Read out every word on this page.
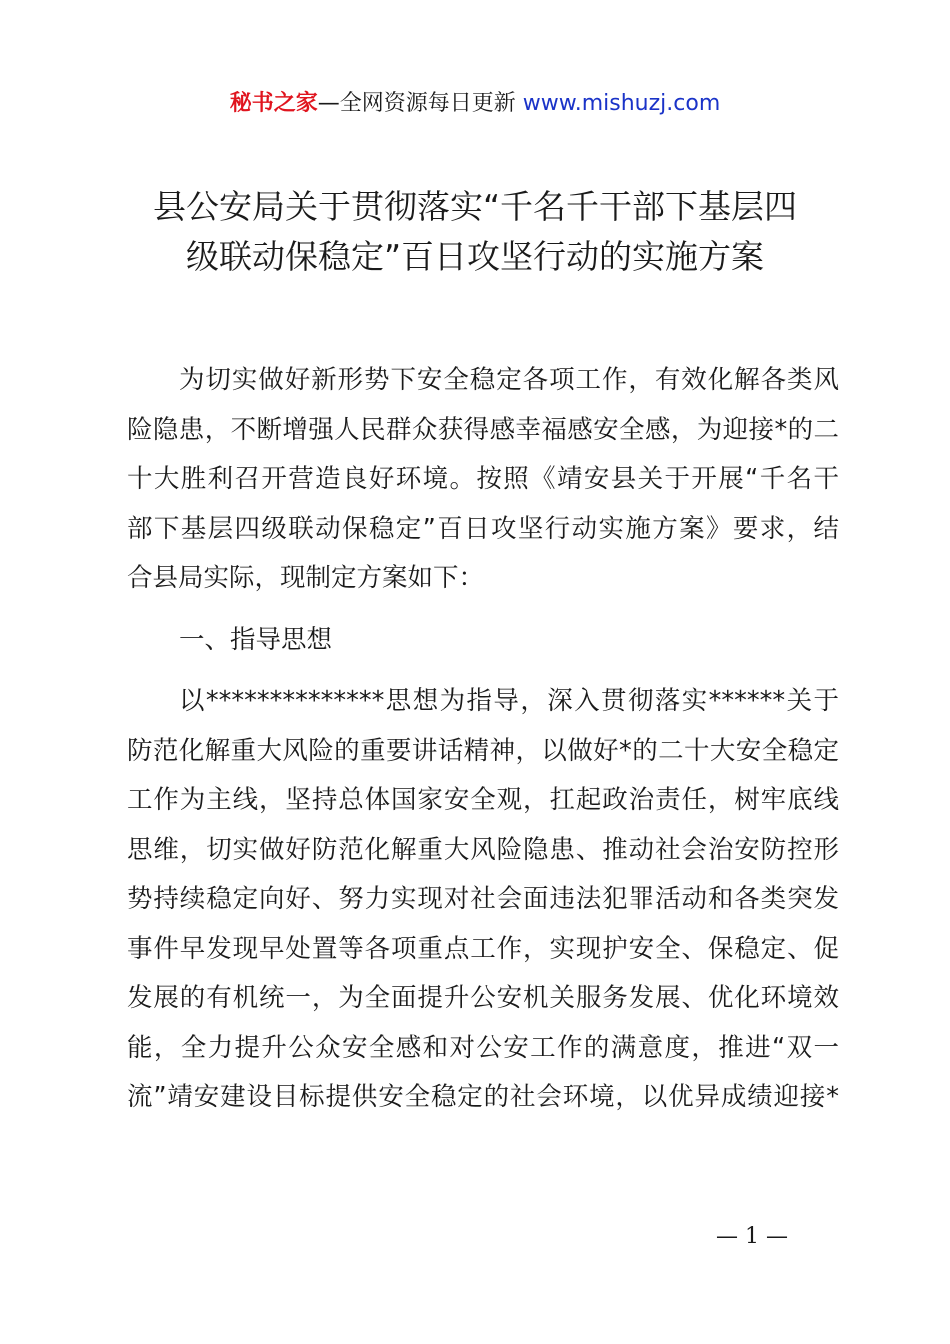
秘书之家—全网资源每日更新 www.mishuzj.com
县公安局关于贯彻落实“千名千干部下基层四
级联动保稳定”百日攻坚行动的实施方案
为切实做好新形势下安全稳定各项工作，有效化解各类风
险隐患，不断增强人民群众获得感幸福感安全感，为迎接*的二
十大胜利召开营造良好环境。按照《靖安县关于开展“千名干
部下基层四级联动保稳定”百日攻坚行动实施方案》要求，结
合县局实际，现制定方案如下：
一、指导思想
以**************思想为指导，深入贯彻落实******关于
防范化解重大风险的重要讲话精神，以做好*的二十大安全稳定
工作为主线，坚持总体国家安全观，扛起政治责任，树牢底线
思维，切实做好防范化解重大风险隐患、推动社会治安防控形
势持续稳定向好、努力实现对社会面违法犯罪活动和各类突发
事件早发现早处置等各项重点工作，实现护安全、保稳定、促
发展的有机统一，为全面提升公安机关服务发展、优化环境效
能，全力提升公众安全感和对公安工作的满意度，推进“双一
流”靖安建设目标提供安全稳定的社会环境，以优异成绩迎接*
— 1 —
